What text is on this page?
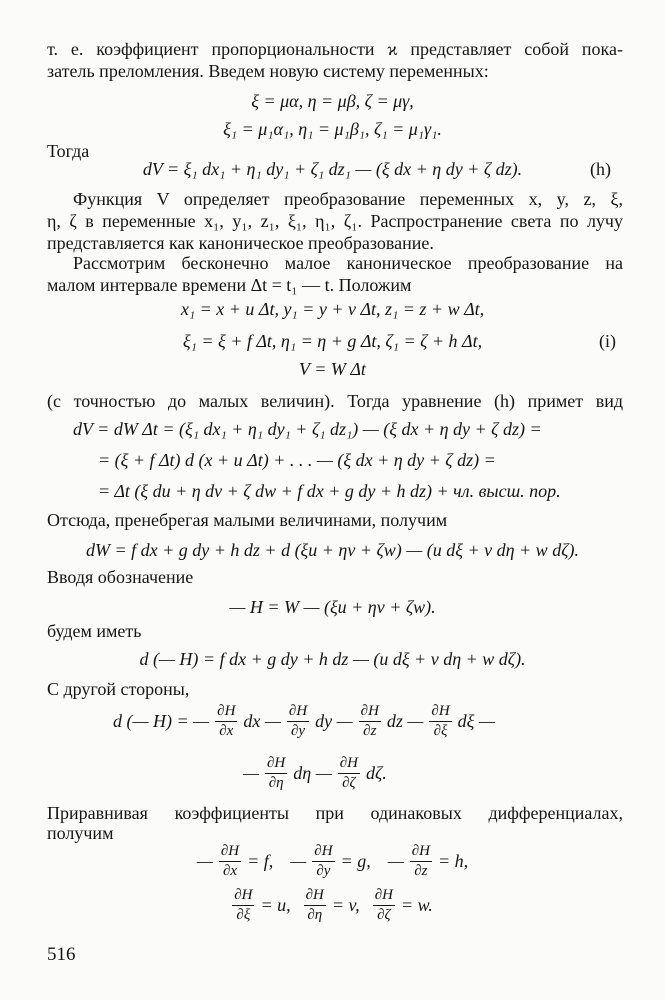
т. е. коэффициент пропорциональности ϰ представляет собой пока-
затель преломления. Введем новую систему переменных:
ξ = μα, η = μβ, ζ = μγ,
ξ₁ = μ₁α₁, η₁ = μ₁β₁, ζ₁ = μ₁γ₁.
Тогда
dV = ξ₁ dx₁ + η₁ dy₁ + ζ₁ dz₁ — (ξ dx + η dy + ζ dz).	(h)
Функция V определяет преобразование переменных x, y, z, ξ,
η, ζ в переменные x₁, y₁, z₁, ξ₁, η₁, ζ₁. Распространение света по лучу
представляется как каноническое преобразование.
Рассмотрим бесконечно малое каноническое преобразование на
малом интервале времени Δt = t₁ — t. Положим
x₁ = x + u Δt, y₁ = y + v Δt, z₁ = z + w Δt,
ξ₁ = ξ + f Δt, η₁ = η + g Δt, ζ₁ = ζ + h Δt,	(i)
V = W Δt
(с точностью до малых величин). Тогда уравнение (h) примет вид
dV = dW Δt = (ξ₁ dx₁ + η₁ dy₁ + ζ₁ dz₁) — (ξ dx + η dy + ζ dz) =
= (ξ + f Δt) d (x + u Δt) + . . . — (ξ dx + η dy + ζ dz) =
= Δt (ξ du + η dv + ζ dw + f dx + g dy + h dz) + чл. высш. пор.
Отсюда, пренебрегая малыми величинами, получим
dW = f dx + g dy + h dz + d (ξu + ηv + ζw) — (u dξ + v dη + w dζ).
Вводя обозначение
— H = W — (ξu + ηv + ζw).
будем иметь
d (— H) = f dx + g dy + h dz — (u dξ + v dη + w dζ).
С другой стороны,
d (— H) = — $\frac{\partial H}{\partial x}$ dx — $\frac{\partial H}{\partial y}$ dy — $\frac{\partial H}{\partial z}$ dz — $\frac{\partial H}{\partial\xi}$ dξ —
— $\frac{\partial H}{\partial\eta}$ dη — $\frac{\partial H}{\partial\zeta} d\zeta$.
Приравнивая коэффициенты при одинаковых дифференциалах,
получим
— $\frac{\partial H}{\partial x} = f$, — $\frac{\partial H}{\partial y} = g$, — $\frac{\partial H}{\partial z} = h$,
$\frac{\partial H}{\partial\xi} = u$, $\frac{\partial H}{\partial\eta} = v$, $\frac{\partial H}{\partial\zeta} = w$.
516
